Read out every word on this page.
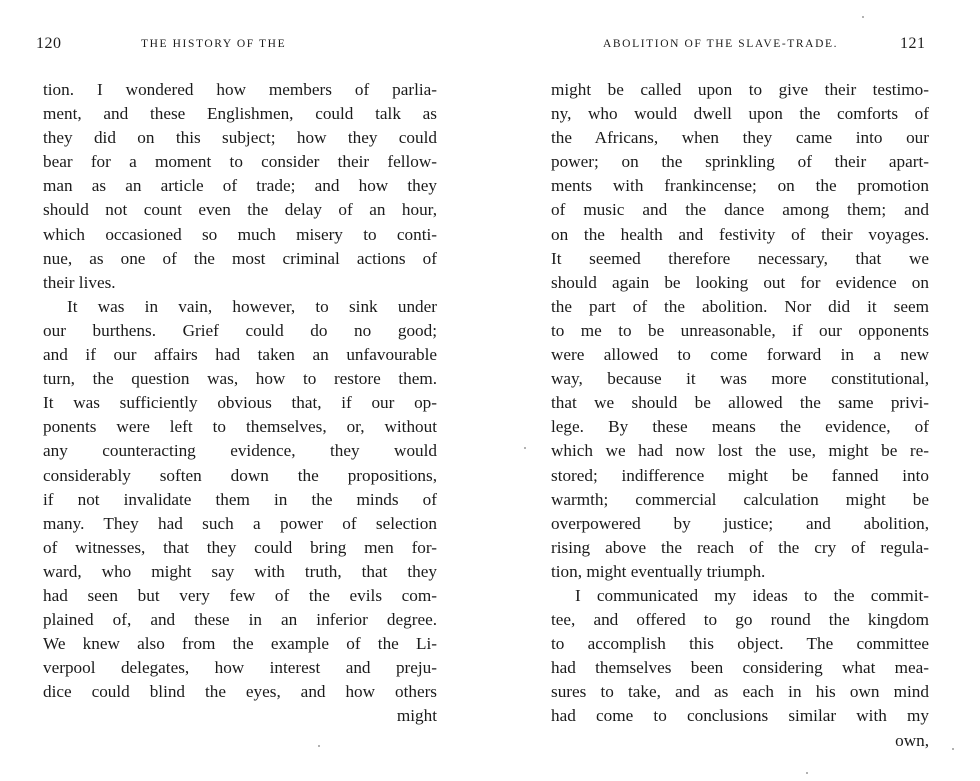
120	THE HISTORY OF THE
tion. I wondered how members of parlia-
ment, and these Englishmen, could talk as
they did on this subject; how they could
bear for a moment to consider their fellow-
man as an article of trade; and how they
should not count even the delay of an hour,
which occasioned so much misery to conti-
nue, as one of the most criminal actions of
their lives.
It was in vain, however, to sink under
our burthens. Grief could do no good;
and if our affairs had taken an unfavourable
turn, the question was, how to restore them.
It was sufficiently obvious that, if our op-
ponents were left to themselves, or, without
any counteracting evidence, they would
considerably soften down the propositions,
if not invalidate them in the minds of
many. They had such a power of selection
of witnesses, that they could bring men for-
ward, who might say with truth, that they
had seen but very few of the evils com-
plained of, and these in an inferior degree.
We knew also from the example of the Li-
verpool delegates, how interest and preju-
dice could blind the eyes, and how others
might
ABOLITION OF THE SLAVE-TRADE.	121
might be called upon to give their testimo-
ny, who would dwell upon the comforts of
the Africans, when they came into our
power; on the sprinkling of their apart-
ments with frankincense; on the promotion
of music and the dance among them; and
on the health and festivity of their voyages.
It seemed therefore necessary, that we
should again be looking out for evidence on
the part of the abolition. Nor did it seem
to me to be unreasonable, if our opponents
were allowed to come forward in a new
way, because it was more constitutional,
that we should be allowed the same privi-
lege. By these means the evidence, of
which we had now lost the use, might be re-
stored; indifference might be fanned into
warmth; commercial calculation might be
overpowered by justice; and abolition,
rising above the reach of the cry of regula-
tion, might eventually triumph.
I communicated my ideas to the commit-
tee, and offered to go round the kingdom
to accomplish this object. The committee
had themselves been considering what mea-
sures to take, and as each in his own mind
had come to conclusions similar with my
own,
